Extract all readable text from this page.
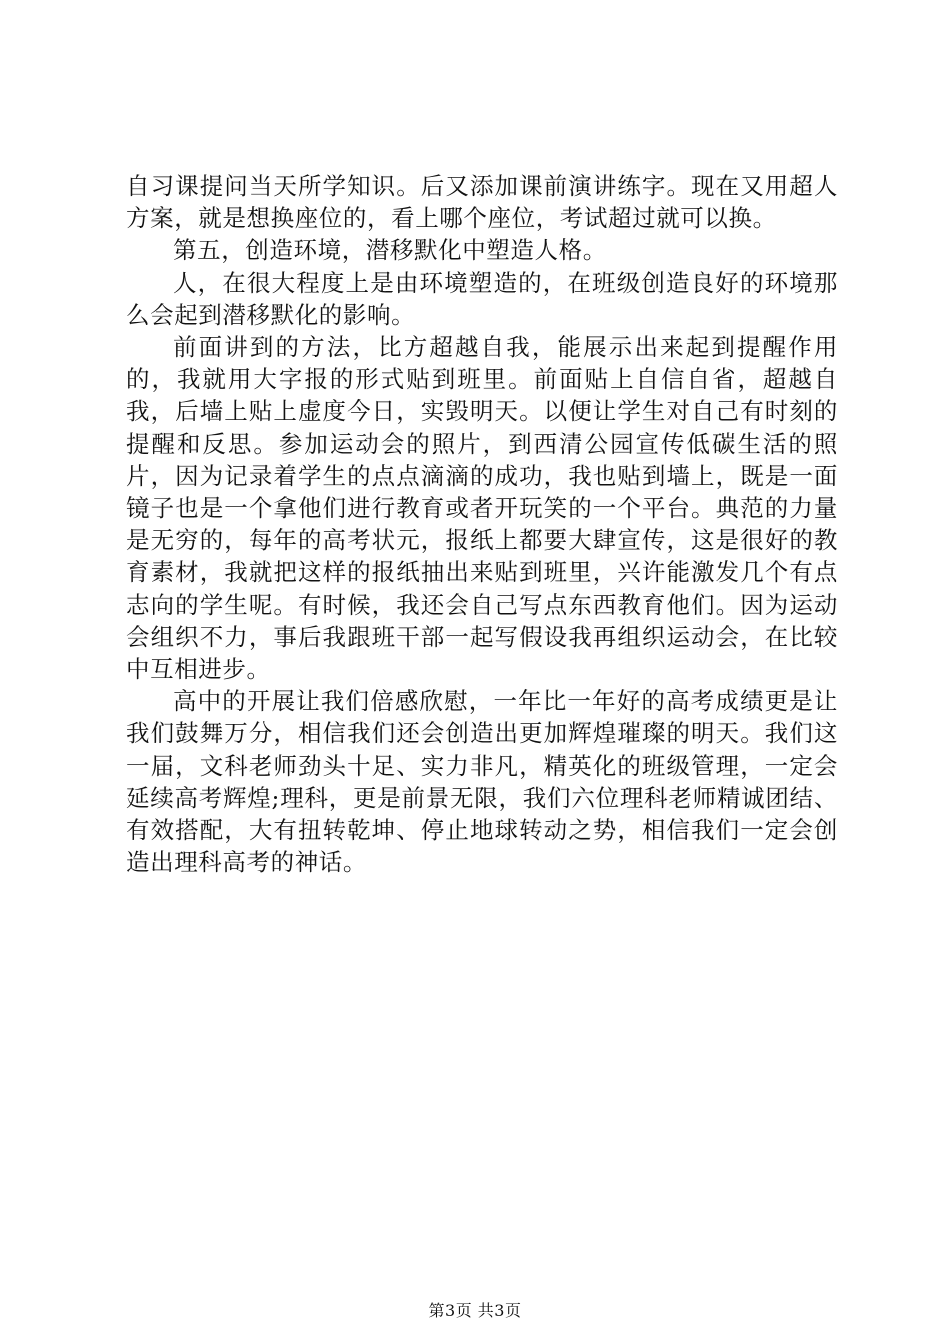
自习课提问当天所学知识。后又添加课前演讲练字。现在又用超人方案，就是想换座位的，看上哪个座位，考试超过就可以换。

第五，创造环境，潜移默化中塑造人格。

人，在很大程度上是由环境塑造的，在班级创造良好的环境那么会起到潜移默化的影响。

前面讲到的方法，比方超越自我，能展示出来起到提醒作用的，我就用大字报的形式贴到班里。前面贴上自信自省，超越自我，后墙上贴上虚度今日，实毁明天。以便让学生对自己有时刻的提醒和反思。参加运动会的照片，到西清公园宣传低碳生活的照片，因为记录着学生的点点滴滴的成功，我也贴到墙上，既是一面镜子也是一个拿他们进行教育或者开玩笑的一个平台。典范的力量是无穷的，每年的高考状元，报纸上都要大肆宣传，这是很好的教育素材，我就把这样的报纸抽出来贴到班里，兴许能激发几个有点志向的学生呢。有时候，我还会自己写点东西教育他们。因为运动会组织不力，事后我跟班干部一起写假设我再组织运动会，在比较中互相进步。

高中的开展让我们倍感欣慰，一年比一年好的高考成绩更是让我们鼓舞万分，相信我们还会创造出更加辉煌璀璨的明天。我们这一届，文科老师劲头十足、实力非凡，精英化的班级管理，一定会延续高考辉煌;理科，更是前景无限，我们六位理科老师精诚团结、有效搭配，大有扭转乾坤、停止地球转动之势，相信我们一定会创造出理科高考的神话。

第3页 共3页
